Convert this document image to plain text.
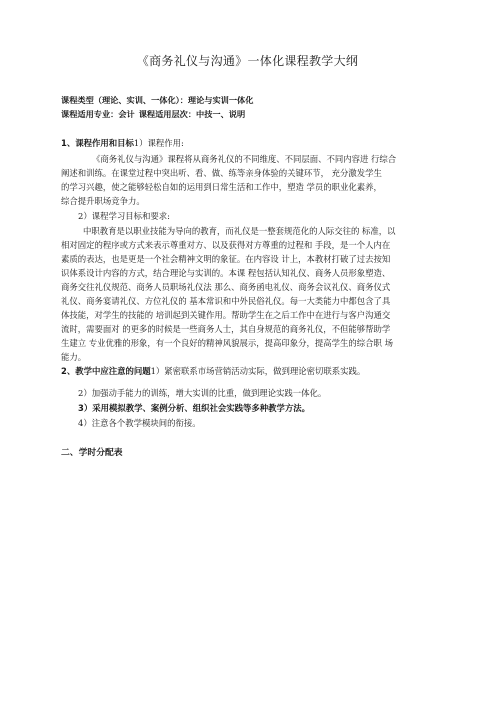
《商务礼仪与沟通》一体化课程教学大纲
课程类型（理论、实训、一体化）：理论与实训一体化
课程适用专业：会计 课程适用层次：中技一、说明
1、课程作用和目标1）课程作用:
《商务礼仪与沟通》课程将从商务礼仪的不同维度、不同层面、不同内容进 行综合
阐述和训练。在课堂过程中突出听、看、做、练等亲身体验的关键环节， 充分激发学生
的学习兴趣，使之能够轻松自如的运用到日常生活和工作中，塑造 学员的职业化素养，
综合提升职场竞争力。
2）课程学习目标和要求:
中职教育是以职业技能为导向的教育，而礼仪是一整套规范化的人际交往的 标准，以
相对固定的程序或方式来表示尊重对方、以及获得对方尊重的过程和 手段，是一个人内在
素质的表达，也是更是一个社会精神文明的象征。在内容设 计上，本教材打破了过去按知
识体系设计内容的方式，结合理论与实训的。本课 程包括认知礼仪、商务人员形象塑造、
商务交往礼仪规范、商务人员职场礼仪法 那么、商务函电礼仪、商务会议礼仪、商务仪式
礼仪、商务宴请礼仪、方位礼仪的 基本常识和中外民俗礼仪。每一大类能力中都包含了具
体技能，对学生的技能的 培训起到关键作用。帮助学生在之后工作中在进行与客户沟通交
流时，需要面对 的更多的时候是一些商务人士，其自身规范的商务礼仪，不但能够帮助学
生建立 专业优雅的形象，有一个良好的精神风貌展示，提高印象分，提高学生的综合职 场
能力。
2、教学中应注意的问题1）紧密联系市场营销活动实际，做到理论密切联系实践。
2）加强动手能力的训练，增大实训的比重，做到理论实践一体化。
3）采用模拟教学、案例分析、组织社会实践等多种教学方法。
4）注意各个教学模块间的衔接。
二、学时分配表
